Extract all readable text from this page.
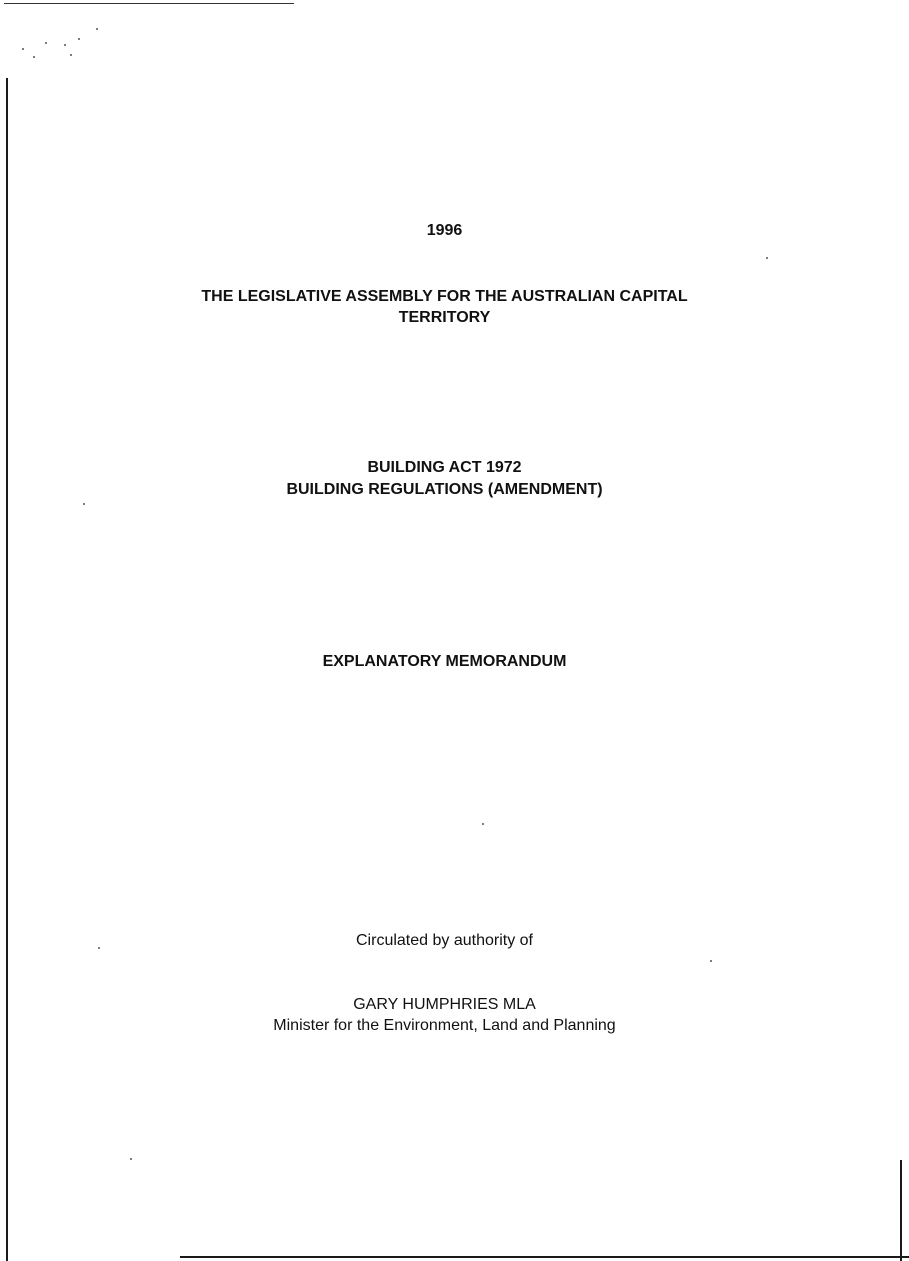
1996
THE LEGISLATIVE ASSEMBLY FOR THE AUSTRALIAN CAPITAL
TERRITORY
BUILDING ACT 1972
BUILDING REGULATIONS (AMENDMENT)
EXPLANATORY MEMORANDUM
Circulated by authority of
GARY HUMPHRIES MLA
Minister for the Environment, Land and Planning
